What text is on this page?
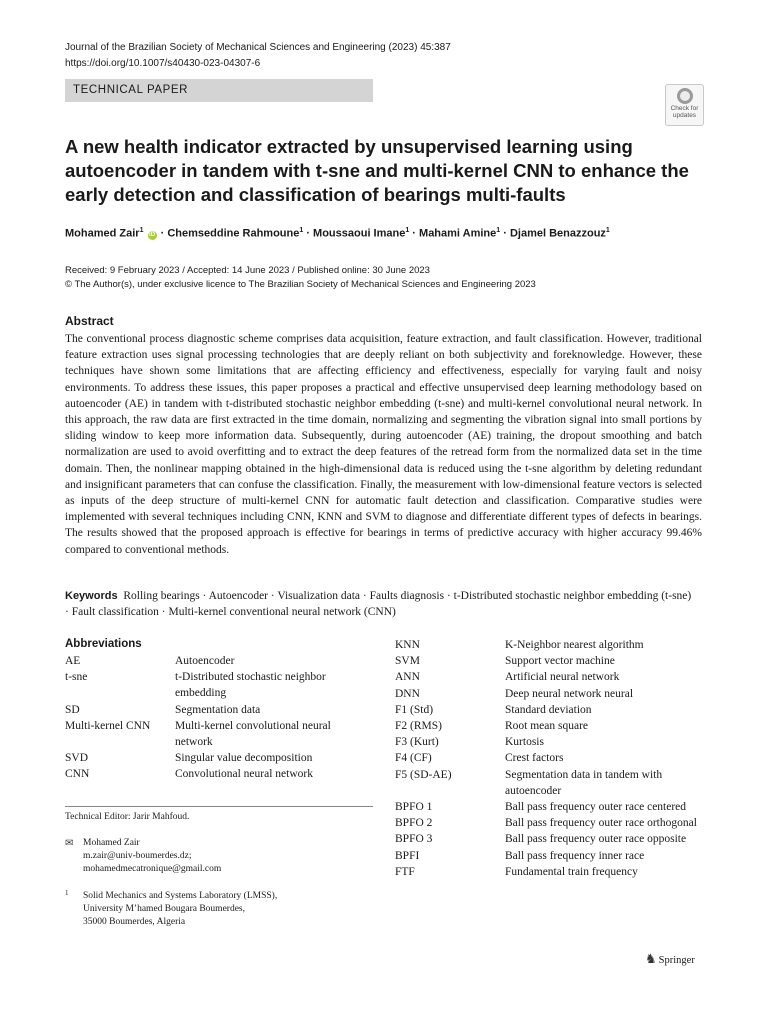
Journal of the Brazilian Society of Mechanical Sciences and Engineering (2023) 45:387
https://doi.org/10.1007/s40430-023-04307-6
TECHNICAL PAPER
Check for
updates
A new health indicator extracted by unsupervised learning using autoencoder in tandem with t-sne and multi-kernel CNN to enhance the early detection and classification of bearings multi-faults
Mohamed Zair$^1$ iD · Chemseddine Rahmoune$^1$ · Moussaoui Imane$^1$ · Mahami Amine$^1$ · Djamel Benazzouz$^1$
Received: 9 February 2023 / Accepted: 14 June 2023 / Published online: 30 June 2023
© The Author(s), under exclusive licence to The Brazilian Society of Mechanical Sciences and Engineering 2023
Abstract

The conventional process diagnostic scheme comprises data acquisition, feature extraction, and fault classification. However, traditional feature extraction uses signal processing technologies that are deeply reliant on both subjectivity and foreknowledge. However, these techniques have shown some limitations that are affecting efficiency and effectiveness, especially for varying fault and noisy environments. To address these issues, this paper proposes a practical and effective unsupervised deep learning methodology based on autoencoder (AE) in tandem with t-distributed stochastic neighbor embedding (t-sne) and multi-kernel convolutional neural network. In this approach, the raw data are first extracted in the time domain, normalizing and segmenting the vibration signal into small portions by sliding window to keep more information data. Subsequently, during autoencoder (AE) training, the dropout smoothing and batch normalization are used to avoid overfitting and to extract the deep features of the retread form from the normalized data set in the time domain. Then, the nonlinear mapping obtained in the high-dimensional data is reduced using the t-sne algorithm by deleting redundant and insignificant parameters that can confuse the classification. Finally, the measurement with low-dimensional feature vectors is selected as inputs of the deep structure of multi-kernel CNN for automatic fault detection and classification. Comparative studies were implemented with several techniques including CNN, KNN and SVM to diagnose and differentiate different types of defects in bearings. The results showed that the proposed approach is effective for bearings in terms of predictive accuracy with higher accuracy 99.46% compared to conventional methods.

Keywords Rolling bearings · Autoencoder · Visualization data · Faults diagnosis · t-Distributed stochastic neighbor embedding (t-sne) · Fault classification · Multi-kernel conventional neural network (CNN)

Abbreviations
AE	Autoencoder
t-sne	t-Distributed stochastic neighbor embedding
SD	Segmentation data
Multi-kernel CNN	Multi-kernel convolutional neural network
SVD	Singular value decomposition
CNN	Convolutional neural network
KNN	K-Neighbor nearest algorithm
SVM	Support vector machine
ANN	Artificial neural network
DNN	Deep neural network neural
F1 (Std)	Standard deviation
F2 (RMS)	Root mean square
F3 (Kurt)	Kurtosis
F4 (CF)	Crest factors
F5 (SD-AE)	Segmentation data in tandem with autoencoder
BPFO 1	Ball pass frequency outer race centered
BPFO 2	Ball pass frequency outer race orthogonal
BPFO 3	Ball pass frequency outer race opposite
BPFI	Ball pass frequency inner race
FTF	Fundamental train frequency
Technical Editor: Jarir Mahfoud.
✉ Mohamed Zair
m.zair@univ-boumerdes.dz;
mohamedmecatronique@gmail.com
1 Solid Mechanics and Systems Laboratory (LMSS),
University M’hamed Bougara Boumerdes,
35000 Boumerdes, Algeria
♞ Springer
